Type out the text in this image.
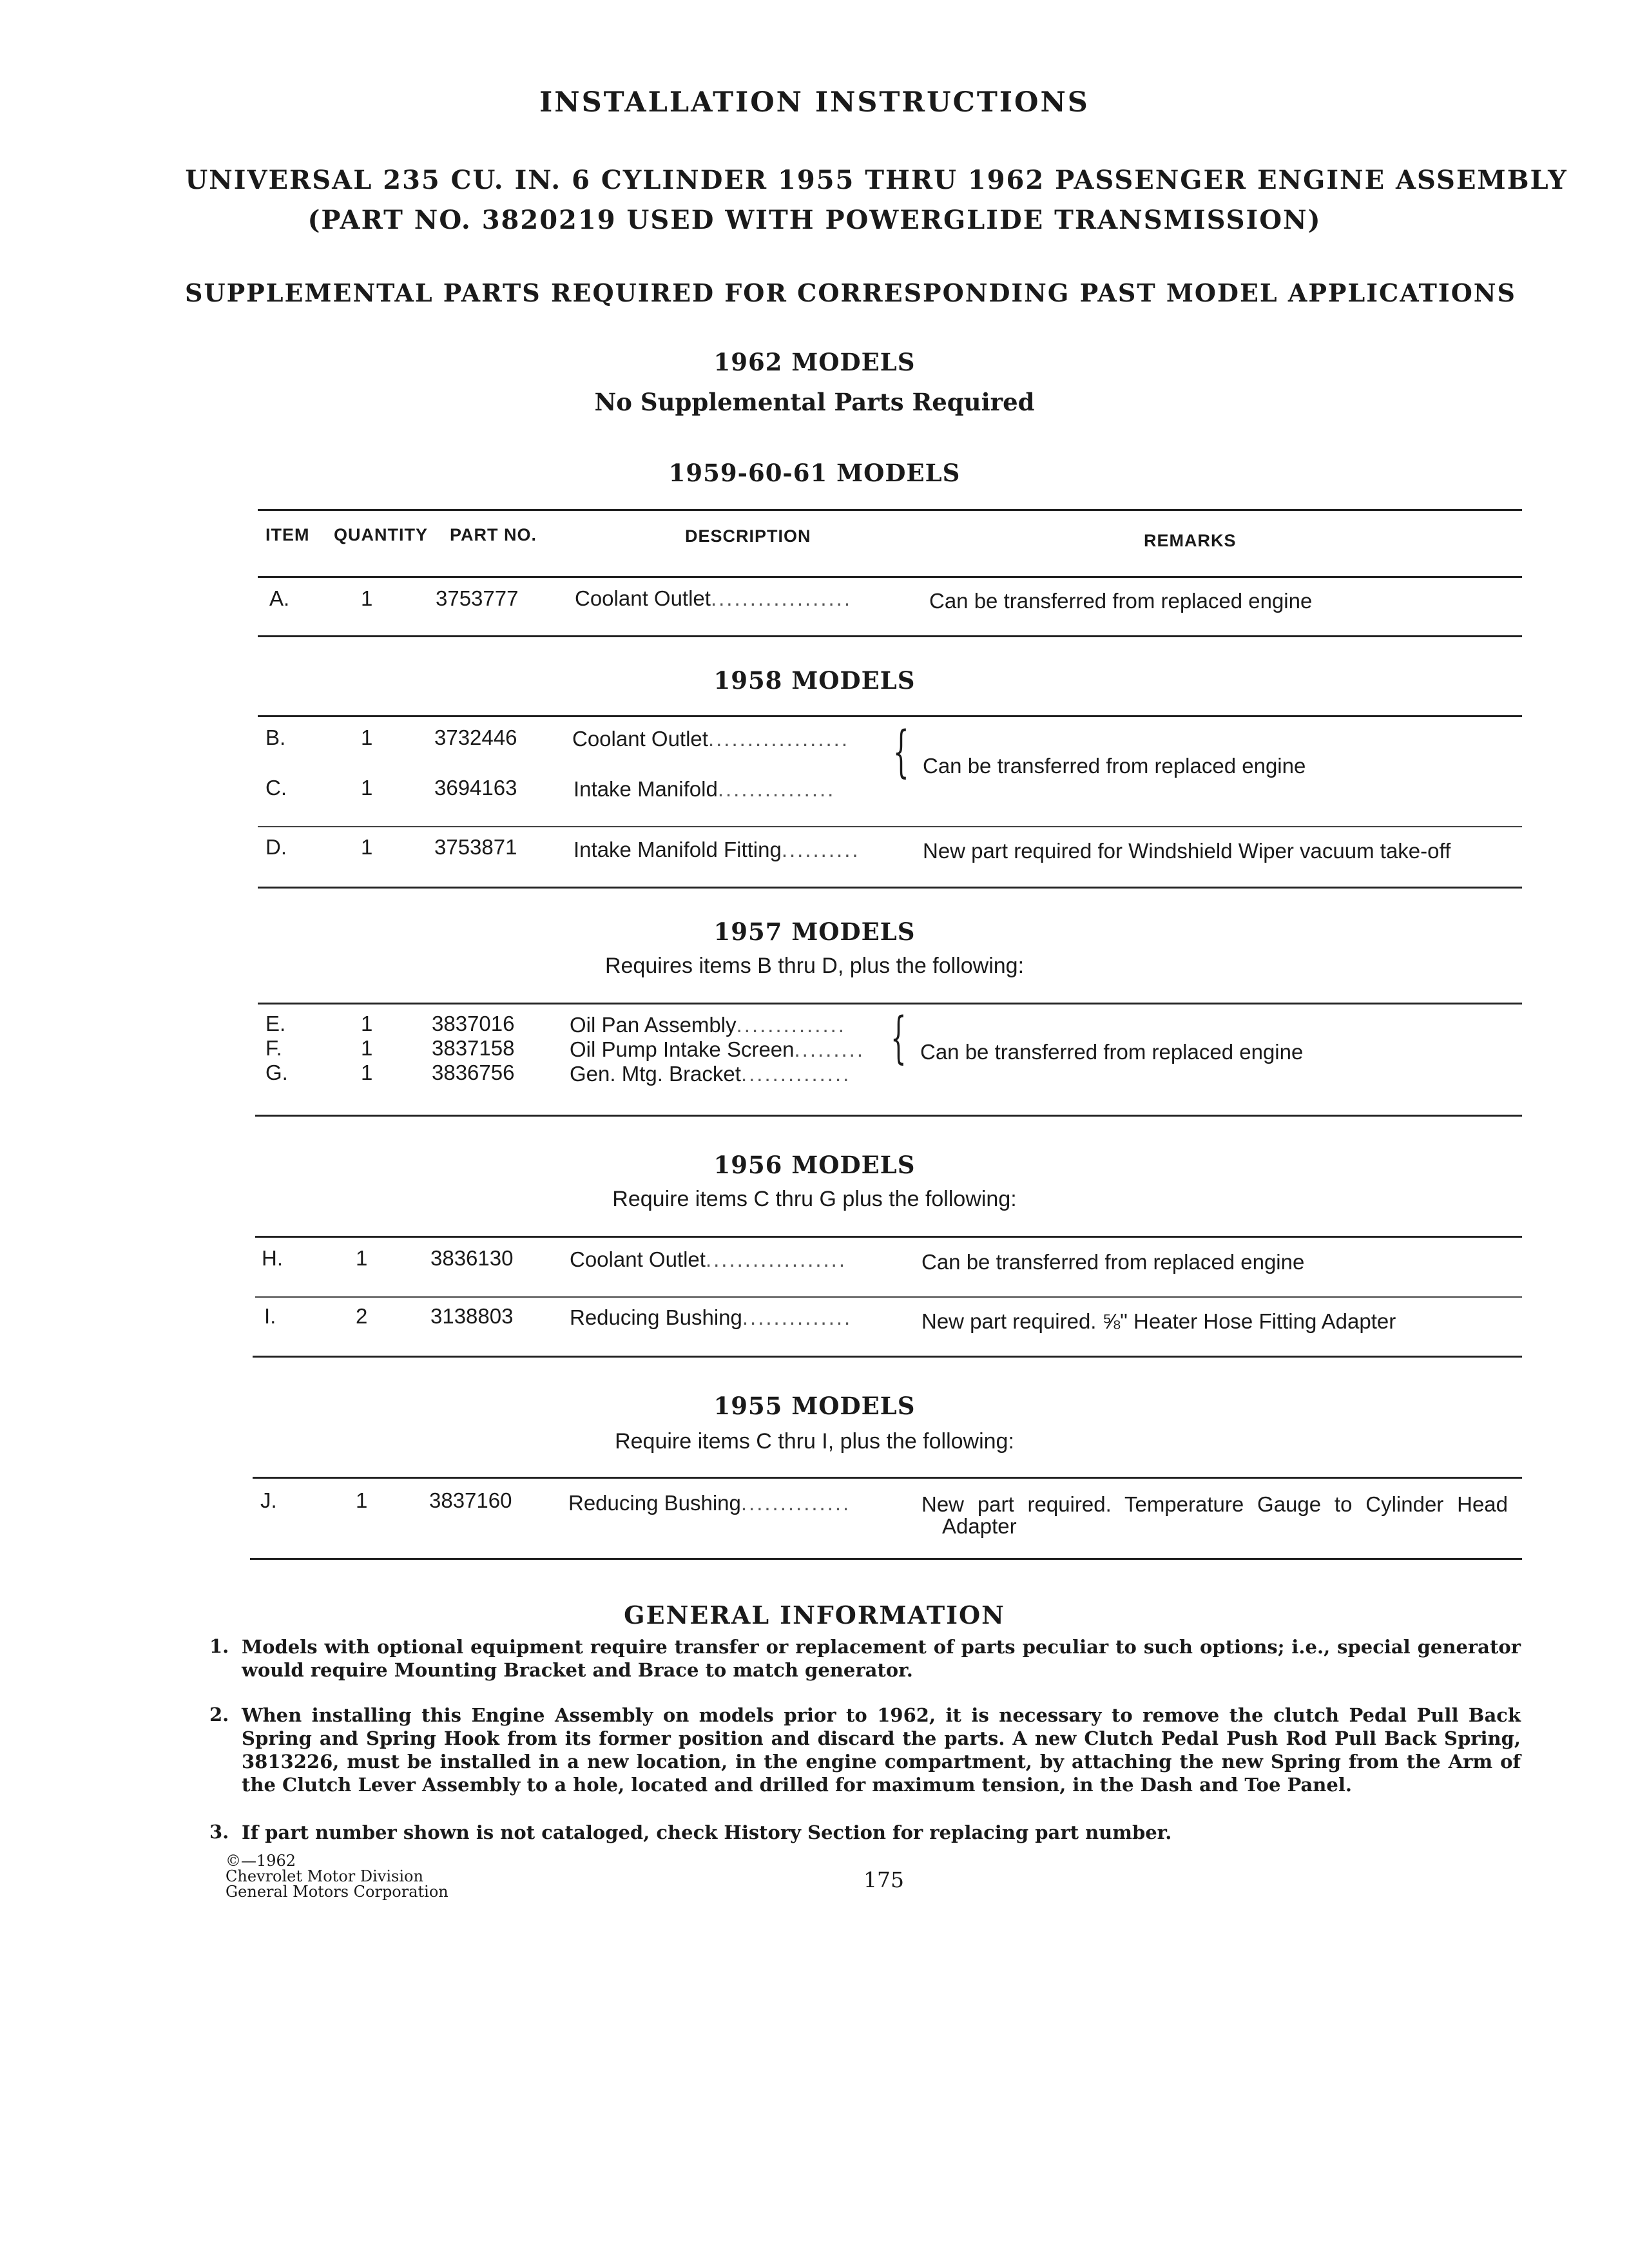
INSTALLATION INSTRUCTIONS
UNIVERSAL 235 CU. IN. 6 CYLINDER 1955 THRU 1962 PASSENGER ENGINE ASSEMBLY
(PART NO. 3820219 USED WITH POWERGLIDE TRANSMISSION)
SUPPLEMENTAL PARTS REQUIRED FOR CORRESPONDING PAST MODEL APPLICATIONS
1962 MODELS
No Supplemental Parts Required
1959-60-61 MODELS
ITEM QUANTITY PART NO.	DESCRIPTION	REMARKS
A.	1	3753777	Coolant Outlet..................	Can be transferred from replaced engine
1958 MODELS
B.	1	3732446	Coolant Outlet..................
C.	1	3694163	Intake Manifold...............
{ Can be transferred from replaced engine
D.	1	3753871	Intake Manifold Fitting..........	New part required for Windshield Wiper vacuum take-off
1957 MODELS
Requires items B thru D, plus the following:
E.	1	3837016	Oil Pan Assembly..............
F.	1	3837158	Oil Pump Intake Screen.........
G.	1	3836756	Gen. Mtg. Bracket..............
{ Can be transferred from replaced engine
1956 MODELS
Require items C thru G plus the following:
H.	1	3836130	Coolant Outlet..................	Can be transferred from replaced engine
I.	2	3138803	Reducing Bushing..............	New part required. ⅝" Heater Hose Fitting Adapter
1955 MODELS
Require items C thru I, plus the following:
J.	1	3837160	Reducing Bushing..............	New part required. Temperature Gauge to Cylinder Head
Adapter
GENERAL INFORMATION
1. Models with optional equipment require transfer or replacement of parts peculiar to such options; i.e., special generator would require Mounting Bracket and Brace to match generator.
2. When installing this Engine Assembly on models prior to 1962, it is necessary to remove the clutch Pedal Pull Back Spring and Spring Hook from its former position and discard the parts. A new Clutch Pedal Push Rod Pull Back Spring, 3813226, must be installed in a new location, in the engine compartment, by attaching the new Spring from the Arm of the Clutch Lever Assembly to a hole, located and drilled for maximum tension, in the Dash and Toe Panel.
3. If part number shown is not cataloged, check History Section for replacing part number.
©—1962
Chevrolet Motor Division
General Motors Corporation	175
